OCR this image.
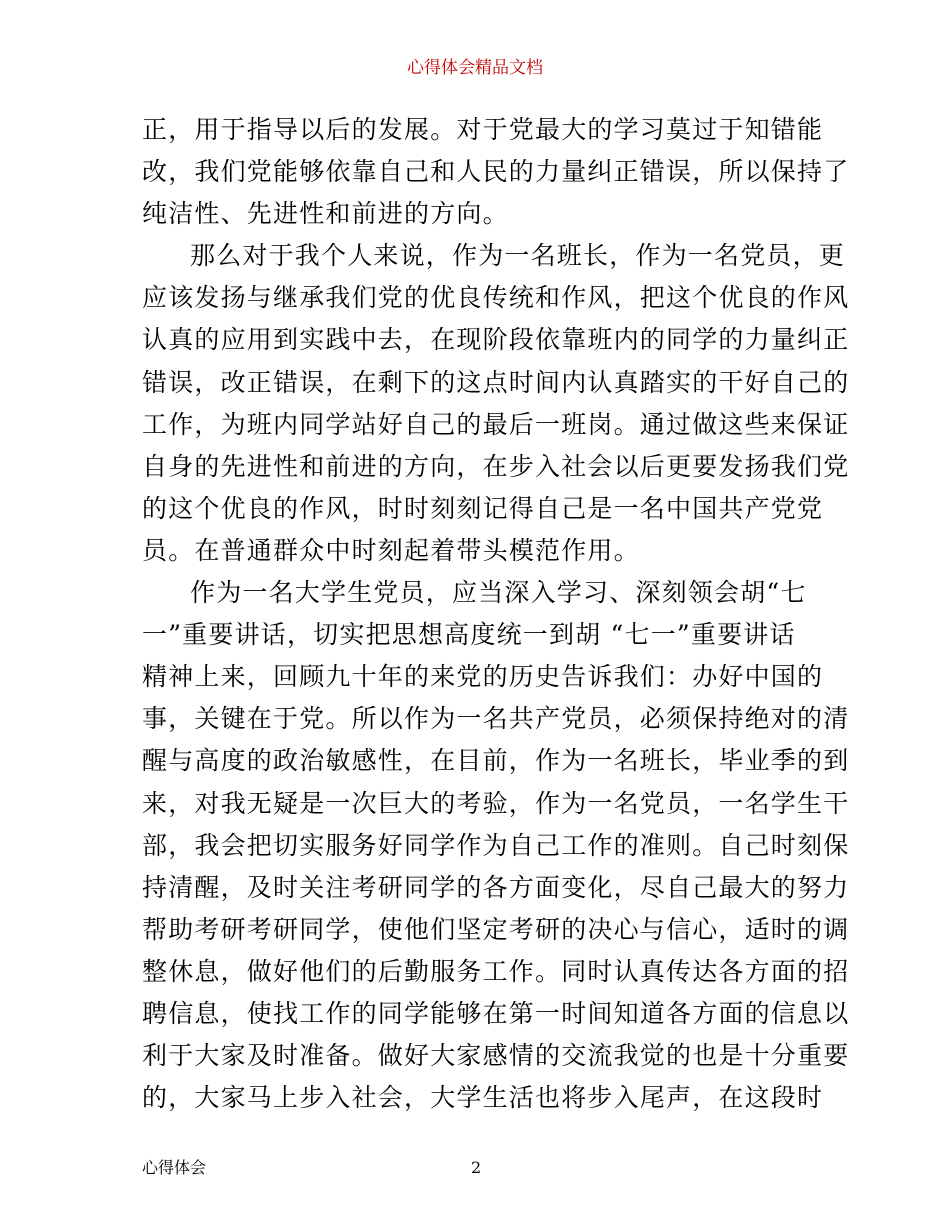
心得体会精品文档
正，用于指导以后的发展。对于党最大的学习莫过于知错能
改，我们党能够依靠自己和人民的力量纠正错误，所以保持了
纯洁性、先进性和前进的方向。
那么对于我个人来说，作为一名班长，作为一名党员，更
应该发扬与继承我们党的优良传统和作风，把这个优良的作风
认真的应用到实践中去，在现阶段依靠班内的同学的力量纠正
错误，改正错误，在剩下的这点时间内认真踏实的干好自己的
工作，为班内同学站好自己的最后一班岗。通过做这些来保证
自身的先进性和前进的方向，在步入社会以后更要发扬我们党
的这个优良的作风，时时刻刻记得自己是一名中国共产党党
员。在普通群众中时刻起着带头模范作用。
作为一名大学生党员，应当深入学习、深刻领会胡“七
一”重要讲话，切实把思想高度统一到胡 “七一”重要讲话
精神上来，回顾九十年的来党的历史告诉我们：办好中国的
事，关键在于党。所以作为一名共产党员，必须保持绝对的清
醒与高度的政治敏感性，在目前，作为一名班长，毕业季的到
来，对我无疑是一次巨大的考验，作为一名党员，一名学生干
部，我会把切实服务好同学作为自己工作的准则。自己时刻保
持清醒，及时关注考研同学的各方面变化，尽自己最大的努力
帮助考研考研同学，使他们坚定考研的决心与信心，适时的调
整休息，做好他们的后勤服务工作。同时认真传达各方面的招
聘信息，使找工作的同学能够在第一时间知道各方面的信息以
利于大家及时准备。做好大家感情的交流我觉的也是十分重要
的，大家马上步入社会，大学生活也将步入尾声，在这段时
心得体会	2
